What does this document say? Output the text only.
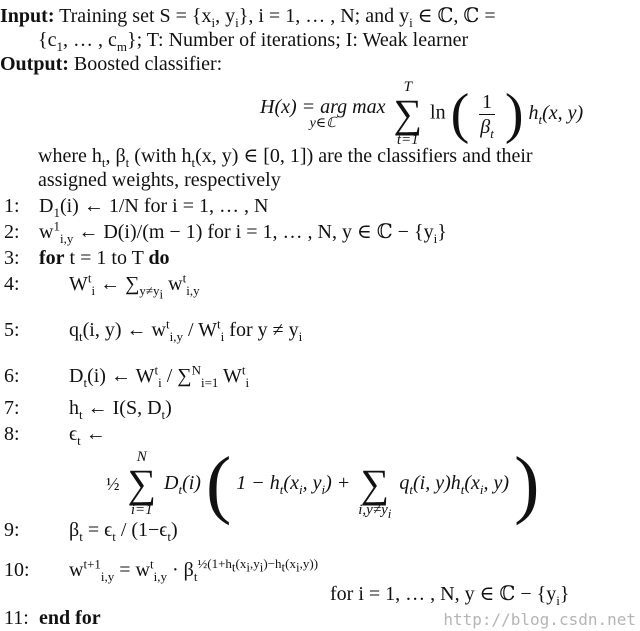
Input: Training set $S = \{x_i$, $y_i$}, i = 1, … , N; and $y_i$ ∈ ℂ, ℂ =
{$c_1$, … , $c_m$}; T: Number of iterations; I: Weak learner
Output: Boosted classifier:
H(x) = arg max
y∈ℂ

T
∑
t=1
ln ( $\frac{1}{\beta_t}$ ) $h_t(x$, y)
where $h_t$, $\beta_t$ (with $h_t(x$, y) ∈ [0, 1]) are the classifiers and their
assigned weights, respectively
1: $D_1(i)$ ← 1/N for i = 1, … , N
2: $w^1_{i,y}$ ← D(i)/(m − 1) for i = 1, … , N, y ∈ ℂ − $\{y_i\}$
3: for t = 1 to T do
4: $W^t_i$ ← $\sum_{y\ne y_i}$ $w^t_{i,y}$
5: $q_t(i$, y) ← $w^t_{i,y} / W^t_i$ for $y \ne y_i$
6: $D_t(i)$ ← $W^t_i / \sum^N_{i=1}$ $W^t_i$
7: $h_t$ ← I(S, $D_t$)
8: $\epsilon_t$ ←
½
N
∑
i=1
$D_t(i)$ ( $1 - h_t(x_i$, $y_i$) +
∑
$i,y\ne y_i$
$q_t(i$, $y)h_t(x_i$, y) )
9: $\beta_t = \epsilon_t / (1-\epsilon_t)$
10: $w^{t+1}_{i,y} = w^t_{i,y} \cdot \beta_t^{\frac{1}{2}(1+h_t(x_i,y_i)-h_t(x_i,y))}$
for i = 1, … , N, y ∈ ℂ − $\{y_i\}$
11: end for	http://blog.csdn.net
